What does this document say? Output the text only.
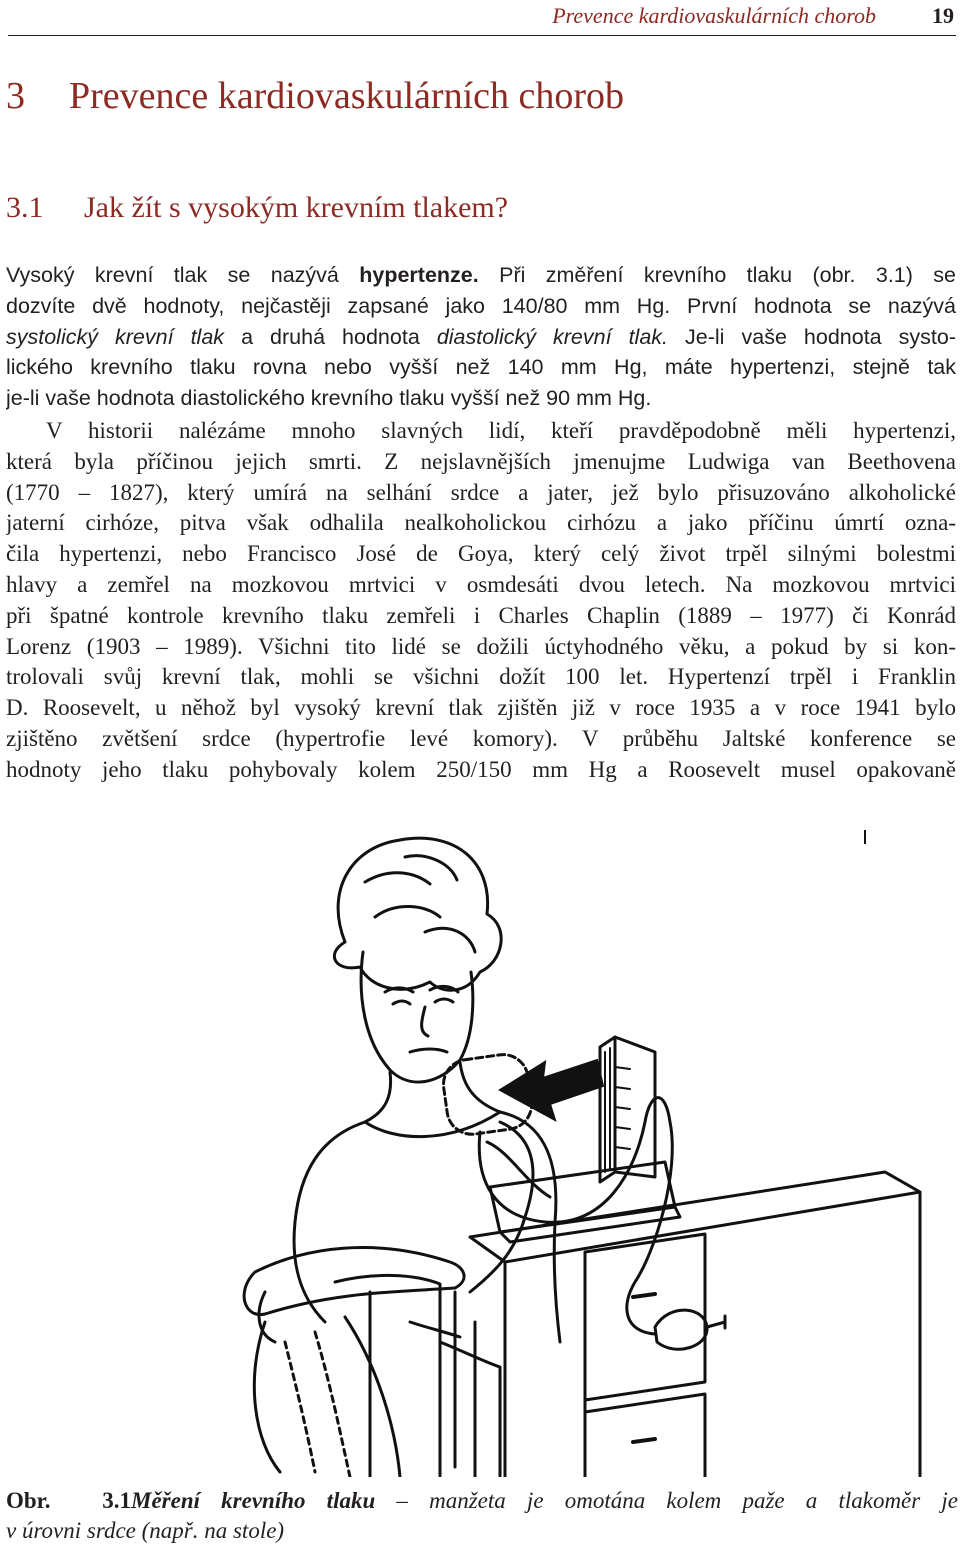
Prevence kardiovaskulárních chorob	19
3 Prevence kardiovaskulárních chorob
3.1 Jak žít s vysokým krevním tlakem?
Vysoký krevní tlak se nazývá hypertenze. Při změření krevního tlaku (obr. 3.1) se
dozvíte dvě hodnoty, nejčastěji zapsané jako 140/80 mm Hg. První hodnota se nazývá
systolický krevní tlak a druhá hodnota diastolický krevní tlak. Je-li vaše hodnota systo-
lického krevního tlaku rovna nebo vyšší než 140 mm Hg, máte hypertenzi, stejně tak
je-li vaše hodnota diastolického krevního tlaku vyšší než 90 mm Hg.
V historii nalézáme mnoho slavných lidí, kteří pravděpodobně měli hypertenzi,
která byla příčinou jejich smrti. Z nejslavnějších jmenujme Ludwiga van Beethovena
(1770 – 1827), který umírá na selhání srdce a jater, jež bylo přisuzováno alkoholické
jaterní cirhóze, pitva však odhalila nealkoholickou cirhózu a jako příčinu úmrtí ozna-
čila hypertenzi, nebo Francisco José de Goya, který celý život trpěl silnými bolestmi
hlavy a zemřel na mozkovou mrtvici v osmdesáti dvou letech. Na mozkovou mrtvici
při špatné kontrole krevního tlaku zemřeli i Charles Chaplin (1889 – 1977) či Konrád
Lorenz (1903 – 1989). Všichni tito lidé se dožili úctyhodného věku, a pokud by si kon-
trolovali svůj krevní tlak, mohli se všichni dožít 100 let. Hypertenzí trpěl i Franklin
D. Roosevelt, u něhož byl vysoký krevní tlak zjištěn již v roce 1935 a v roce 1941 bylo
zjištěno zvětšení srdce (hypertrofie levé komory). V průběhu Jaltské konference se
hodnoty jeho tlaku pohybovaly kolem 250/150 mm Hg a Roosevelt musel opakovaně
Obr. 3.1Měření krevního tlaku – manžeta je omotána kolem paže a tlakoměr je
v úrovni srdce (např. na stole)
